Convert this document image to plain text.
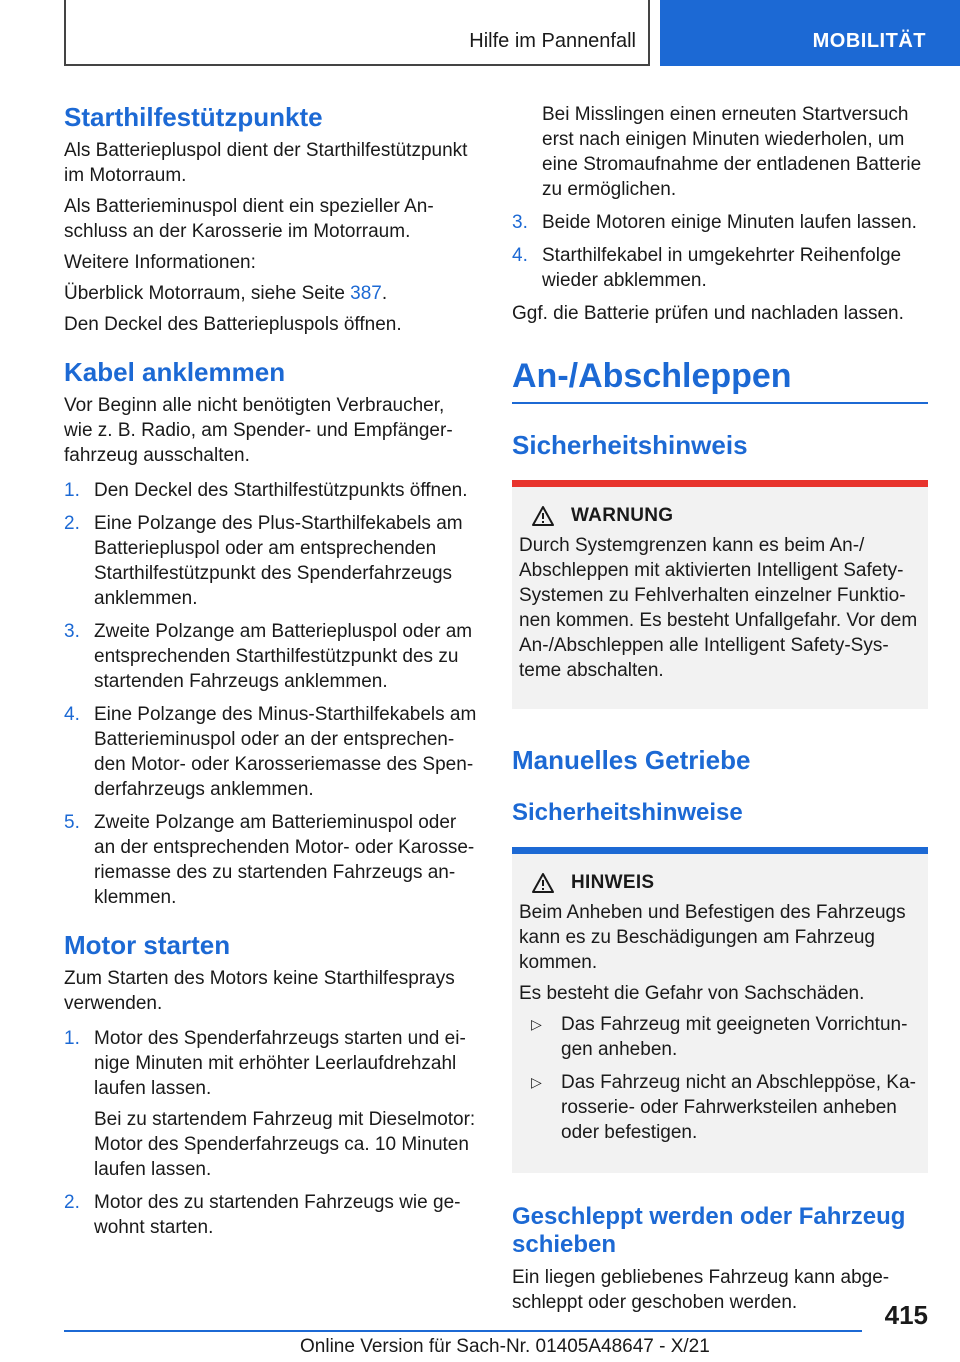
Hilfe im Pannenfall	MOBILITÄT
Starthilfestützpunkte

Als Batteriepluspol dient der Starthilfestützpunkt im Motorraum.

Als Batterieminuspol dient ein spezieller Anschluss an der Karosserie im Motorraum.

Weitere Informationen:

Überblick Motorraum, siehe Seite 387.

Den Deckel des Batteriepluspols öffnen.

Kabel anklemmen

Vor Beginn alle nicht benötigten Verbraucher, wie z. B. Radio, am Spender- und Empfängerfahrzeug ausschalten.

1. Den Deckel des Starthilfestützpunkts öffnen.
2. Eine Polzange des Plus-Starthilfekabels am Batteriepluspol oder am entsprechenden Starthilfestützpunkt des Spenderfahrzeugs anklemmen.
3. Zweite Polzange am Batteriepluspol oder am entsprechenden Starthilfestützpunkt des zu startenden Fahrzeugs anklemmen.
4. Eine Polzange des Minus-Starthilfekabels am Batterieminuspol oder an der entsprechenden Motor- oder Karosseriemasse des Spenderfahrzeugs anklemmen.
5. Zweite Polzange am Batterieminuspol oder an der entsprechenden Motor- oder Karosseriemasse des zu startenden Fahrzeugs anklemmen.
Motor starten

Zum Starten des Motors keine Starthilfesprays verwenden.

1. Motor des Spenderfahrzeugs starten und einige Minuten mit erhöhter Leerlaufdrehzahl laufen lassen.
Bei zu startendem Fahrzeug mit Dieselmotor: Motor des Spenderfahrzeugs ca. 10 Minuten laufen lassen.
2. Motor des zu startenden Fahrzeugs wie gewohnt starten.
Bei Misslingen einen erneuten Startversuch erst nach einigen Minuten wiederholen, um eine Stromaufnahme der entladenen Batterie zu ermöglichen.
3. Beide Motoren einige Minuten laufen lassen.
4. Starthilfekabel in umgekehrter Reihenfolge wieder abklemmen.

Ggf. die Batterie prüfen und nachladen lassen.

An-/Abschleppen
Sicherheitshinweis
WARNUNG

Durch Systemgrenzen kann es beim An-/ Abschleppen mit aktivierten Intelligent Safety-Systemen zu Fehlverhalten einzelner Funktionen kommen. Es besteht Unfallgefahr. Vor dem An-/Abschleppen alle Intelligent Safety-Systeme abschalten.

Manuelles Getriebe
Sicherheitshinweise
HINWEIS

Beim Anheben und Befestigen des Fahrzeugs kann es zu Beschädigungen am Fahrzeug kommen.

Es besteht die Gefahr von Sachschäden.

▷ Das Fahrzeug mit geeigneten Vorrichtungen anheben.
▷ Das Fahrzeug nicht an Abschleppöse, Karosserie- oder Fahrwerksteilen anheben oder befestigen.
Geschleppt werden oder Fahrzeug schieben

Ein liegen gebliebenes Fahrzeug kann abgeschleppt oder geschoben werden.	415
Online Version für Sach-Nr. 01405A48647 - X/21
